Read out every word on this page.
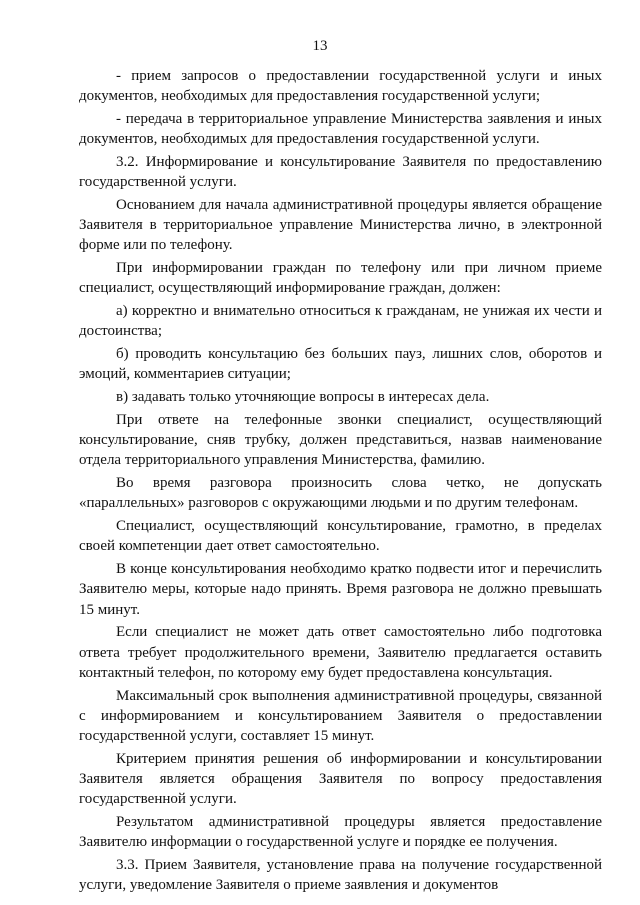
13

- прием запросов о предоставлении государственной услуги и иных документов, необходимых для предоставления государственной услуги;

- передача в территориальное управление Министерства заявления и иных документов, необходимых для предоставления государственной услуги.

3.2. Информирование и консультирование Заявителя по предоставлению государственной услуги.

Основанием для начала административной процедуры является обращение Заявителя в территориальное управление Министерства лично, в электронной форме или по телефону.

При информировании граждан по телефону или при личном приеме специалист, осуществляющий информирование граждан, должен:

а) корректно и внимательно относиться к гражданам, не унижая их чести и достоинства;

б) проводить консультацию без больших пауз, лишних слов, оборотов и эмоций, комментариев ситуации;

в) задавать только уточняющие вопросы в интересах дела.

При ответе на телефонные звонки специалист, осуществляющий консультирование, сняв трубку, должен представиться, назвав наименование отдела территориального управления Министерства, фамилию.

Во время разговора произносить слова четко, не допускать «параллельных» разговоров с окружающими людьми и по другим телефонам.

Специалист, осуществляющий консультирование, грамотно, в пределах своей компетенции дает ответ самостоятельно.

В конце консультирования необходимо кратко подвести итог и перечислить Заявителю меры, которые надо принять. Время разговора не должно превышать 15 минут.

Если специалист не может дать ответ самостоятельно либо подготовка ответа требует продолжительного времени, Заявителю предлагается оставить контактный телефон, по которому ему будет предоставлена консультация.

Максимальный срок выполнения административной процедуры, связанной с информированием и консультированием Заявителя о предоставлении государственной услуги, составляет 15 минут.

Критерием принятия решения об информировании и консультировании Заявителя является обращения Заявителя по вопросу предоставления государственной услуги.

Результатом административной процедуры является предоставление Заявителю информации о государственной услуге и порядке ее получения.

3.3. Прием Заявителя, установление права на получение государственной услуги, уведомление Заявителя о приеме заявления и документов
